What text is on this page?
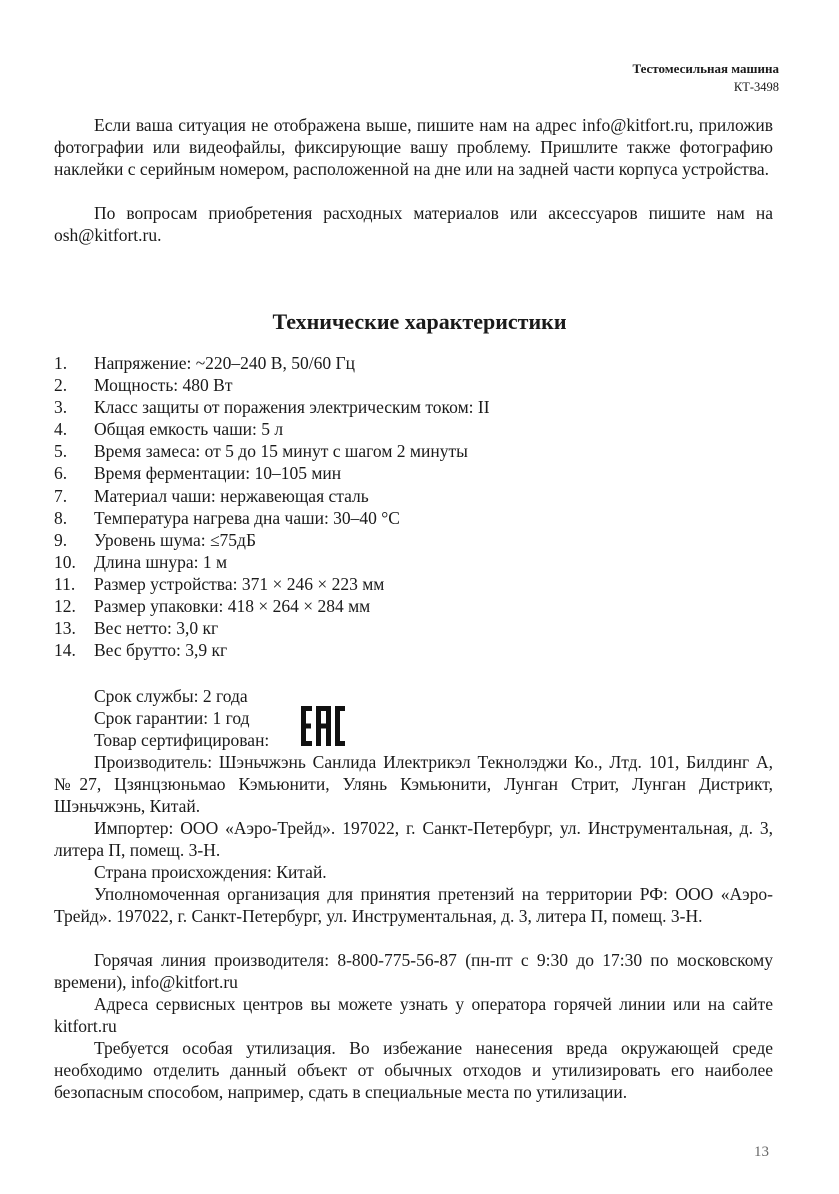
Тестомесильная машина
КТ-3498

Если ваша ситуация не отображена выше, пишите нам на адрес info@kitfort.ru, приложив фотографии или видеофайлы, фиксирующие вашу проблему. Пришлите также фотографию наклейки с серийным номером, расположенной на дне или на задней части корпуса устройства.

По вопросам приобретения расходных материалов или аксессуаров пишите нам на osh@kitfort.ru.

Технические характеристики
1.	Напряжение: ~220–240 В, 50/60 Гц
2.	Мощность: 480 Вт
3.	Класс защиты от поражения электрическим током: II
4.	Общая емкость чаши: 5 л
5.	Время замеса: от 5 до 15 минут с шагом 2 минуты
6.	Время ферментации: 10–105 мин
7.	Материал чаши: нержавеющая сталь
8.	Температура нагрева дна чаши: 30–40 °С
9.	Уровень шума: ≤75дБ
10.	Длина шнура: 1 м
11.	Размер устройства: 371 × 246 × 223 мм
12.	Размер упаковки: 418 × 264 × 284 мм
13.	Вес нетто: 3,0 кг
14.	Вес брутто: 3,9 кг

Срок службы: 2 года

Срок гарантии: 1 год

Товар сертифицирован:

Производитель: Шэньчжэнь Санлида Илектрикэл Текнолэджи Ко., Лтд. 101, Билдинг А, №27, Цзянцзюньмао Кэмьюнити, Улянь Кэмьюнити, Лунган Стрит, Лунган Дистрикт, Шэньчжэнь, Китай.

Импортер: ООО «Аэро-Трейд». 197022, г. Санкт-Петербург, ул. Инструментальная, д. 3, литера П, помещ. 3-Н.

Страна происхождения: Китай.

Уполномоченная организация для принятия претензий на территории РФ: ООО «Аэро-Трейд». 197022, г. Санкт-Петербург, ул. Инструментальная, д. 3, литера П, помещ. 3-Н.

Горячая линия производителя: 8-800-775-56-87 (пн-пт с 9:30 до 17:30 по московскому времени), info@kitfort.ru

Адреса сервисных центров вы можете узнать у оператора горячей линии или на сайте kitfort.ru

Требуется особая утилизация. Во избежание нанесения вреда окружающей среде необходимо отделить данный объект от обычных отходов и утилизировать его наиболее безопасным способом, например, сдать в специальные места по утилизации.

13
